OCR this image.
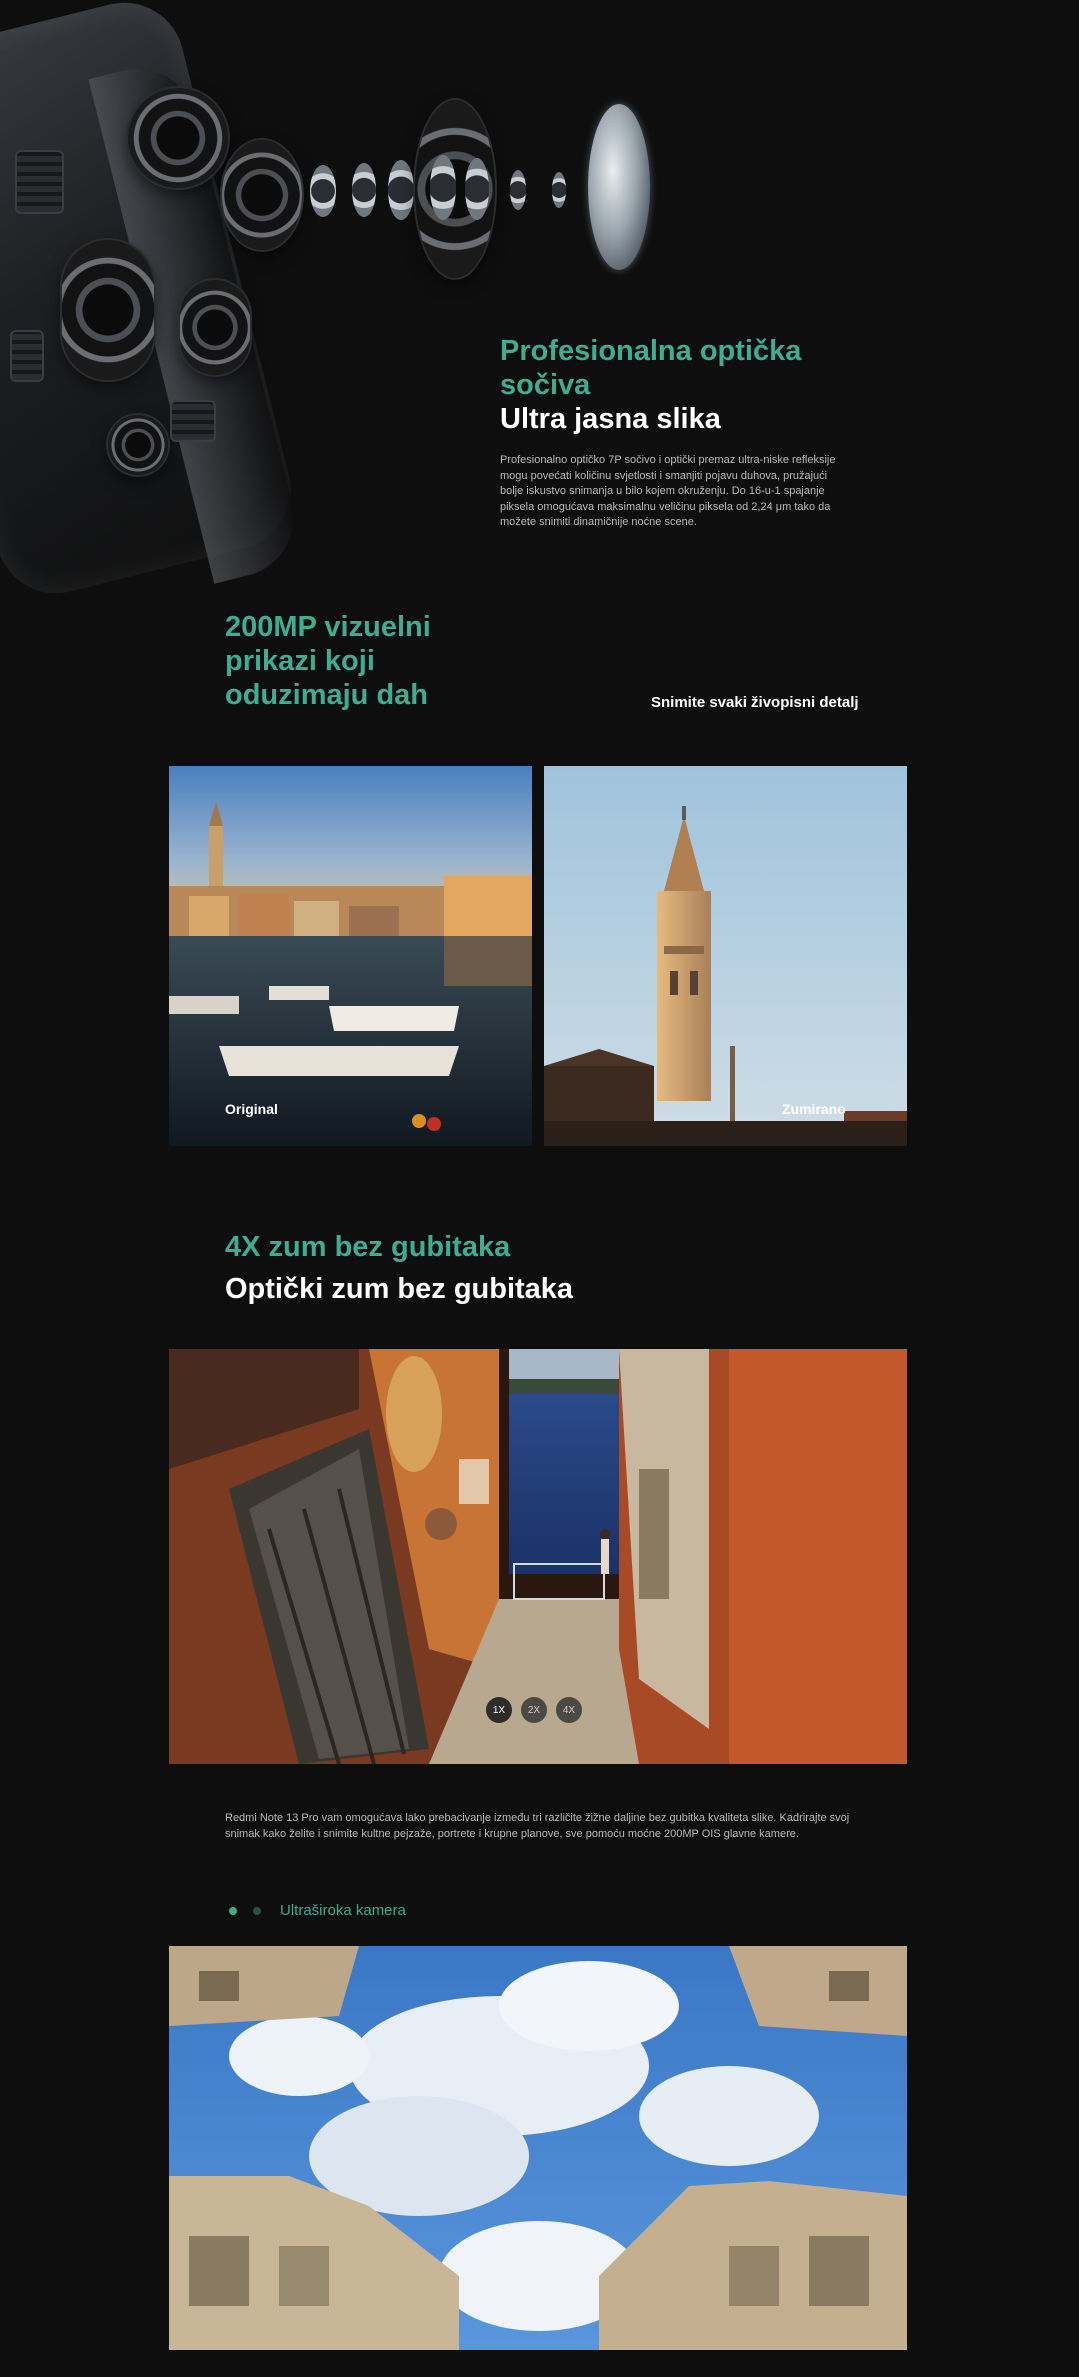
Profesionalna optička
sočiva
Ultra jasna slika

Profesionalno optičko 7P sočivo i optički premaz ultra-niske refleksije mogu povećati količinu svjetlosti i smanjiti pojavu duhova, pružajući bolje iskustvo snimanja u bilo kojem okruženju. Do 16-u-1 spajanje piksela omogućava maksimalnu veličinu piksela od 2,24 μm tako da možete snimiti dinamičnije noćne scene.

200MP vizuelni
prikazi koji
oduzimaju dah	Snimite svaki živopisni detalj
Original	Zumirano
4X zum bez gubitaka
Optički zum bez gubitaka
1X	2X	4X

Redmi Note 13 Pro vam omogućava lako prebacivanje između tri različite žižne daljine bez gubitka kvaliteta slike. Kadrirajte svoj snimak kako želite i snimite kultne pejzaže, portrete i krupne planove, sve pomoću moćne 200MP OIS glavne kamere.

Ultraširoka kamera
